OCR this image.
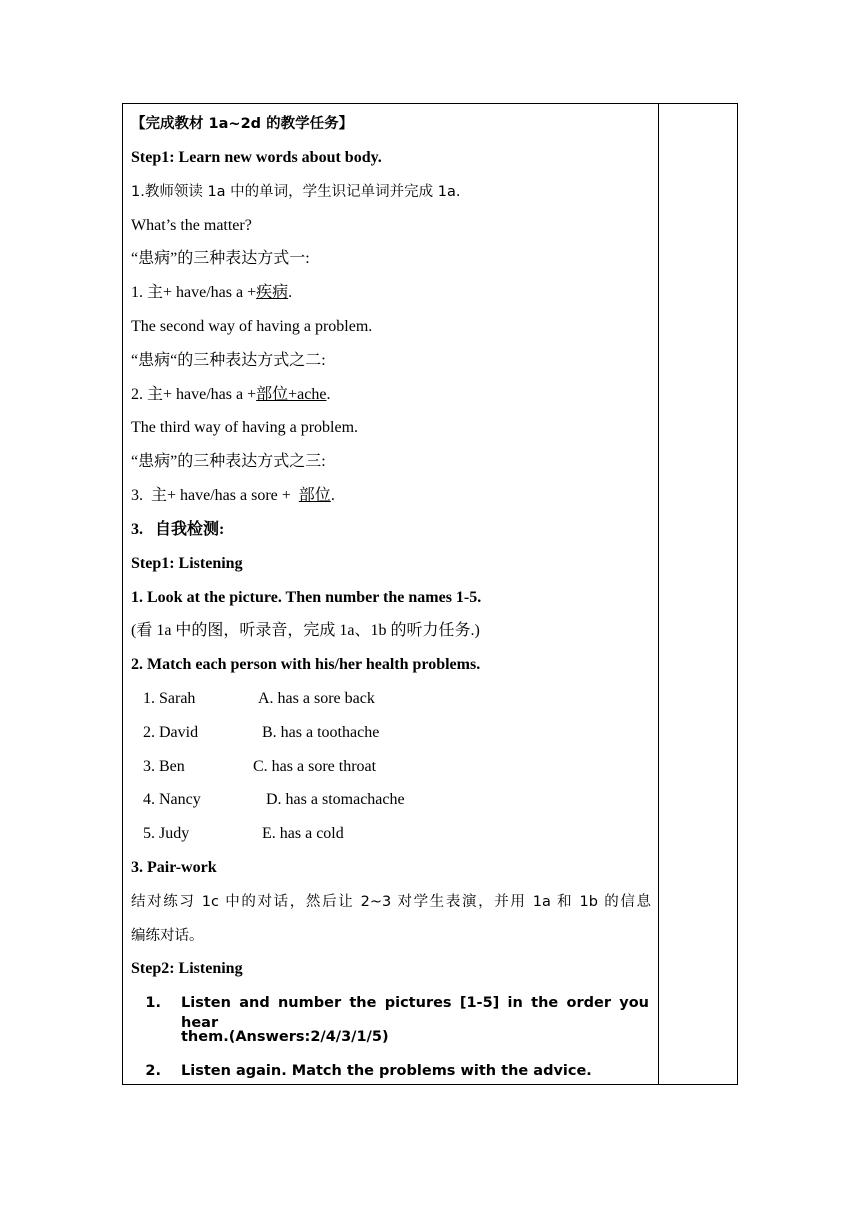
【完成教材 1a~2d 的教学任务】
Step1: Learn new words about body.
1.教师领读 1a 中的单词，学生识记单词并完成 1a.
What’s the matter?
“患病”的三种表达方式一:
1. 主+ have/has a +疾病.
The second way of having a problem.
“患病“的三种表达方式之二:
2. 主+ have/has a +部位+ache.
The third way of having a problem.
“患病”的三种表达方式之三:
3.  主+ have/has a sore +  部位.
3.   自我检测:
Step1: Listening
1. Look at the picture. Then number the names 1-5.
(看 1a 中的图，听录音，完成 1a、1b 的听力任务.)
2. Match each person with his/her health problems.
1. Sarah	A. has a sore back
2. David	B. has a toothache
3. Ben	C. has a sore throat
4. Nancy	D. has a stomachache
5. Judy	E. has a cold
3. Pair-work
结对练习 1c 中的对话，然后让 2~3 对学生表演，并用 1a 和 1b 的信息
编练对话。
Step2: Listening
1. Listen and number the pictures [1-5] in the order you hear
them.(Answers:2/4/3/1/5)
2. Listen again. Match the problems with the advice.
